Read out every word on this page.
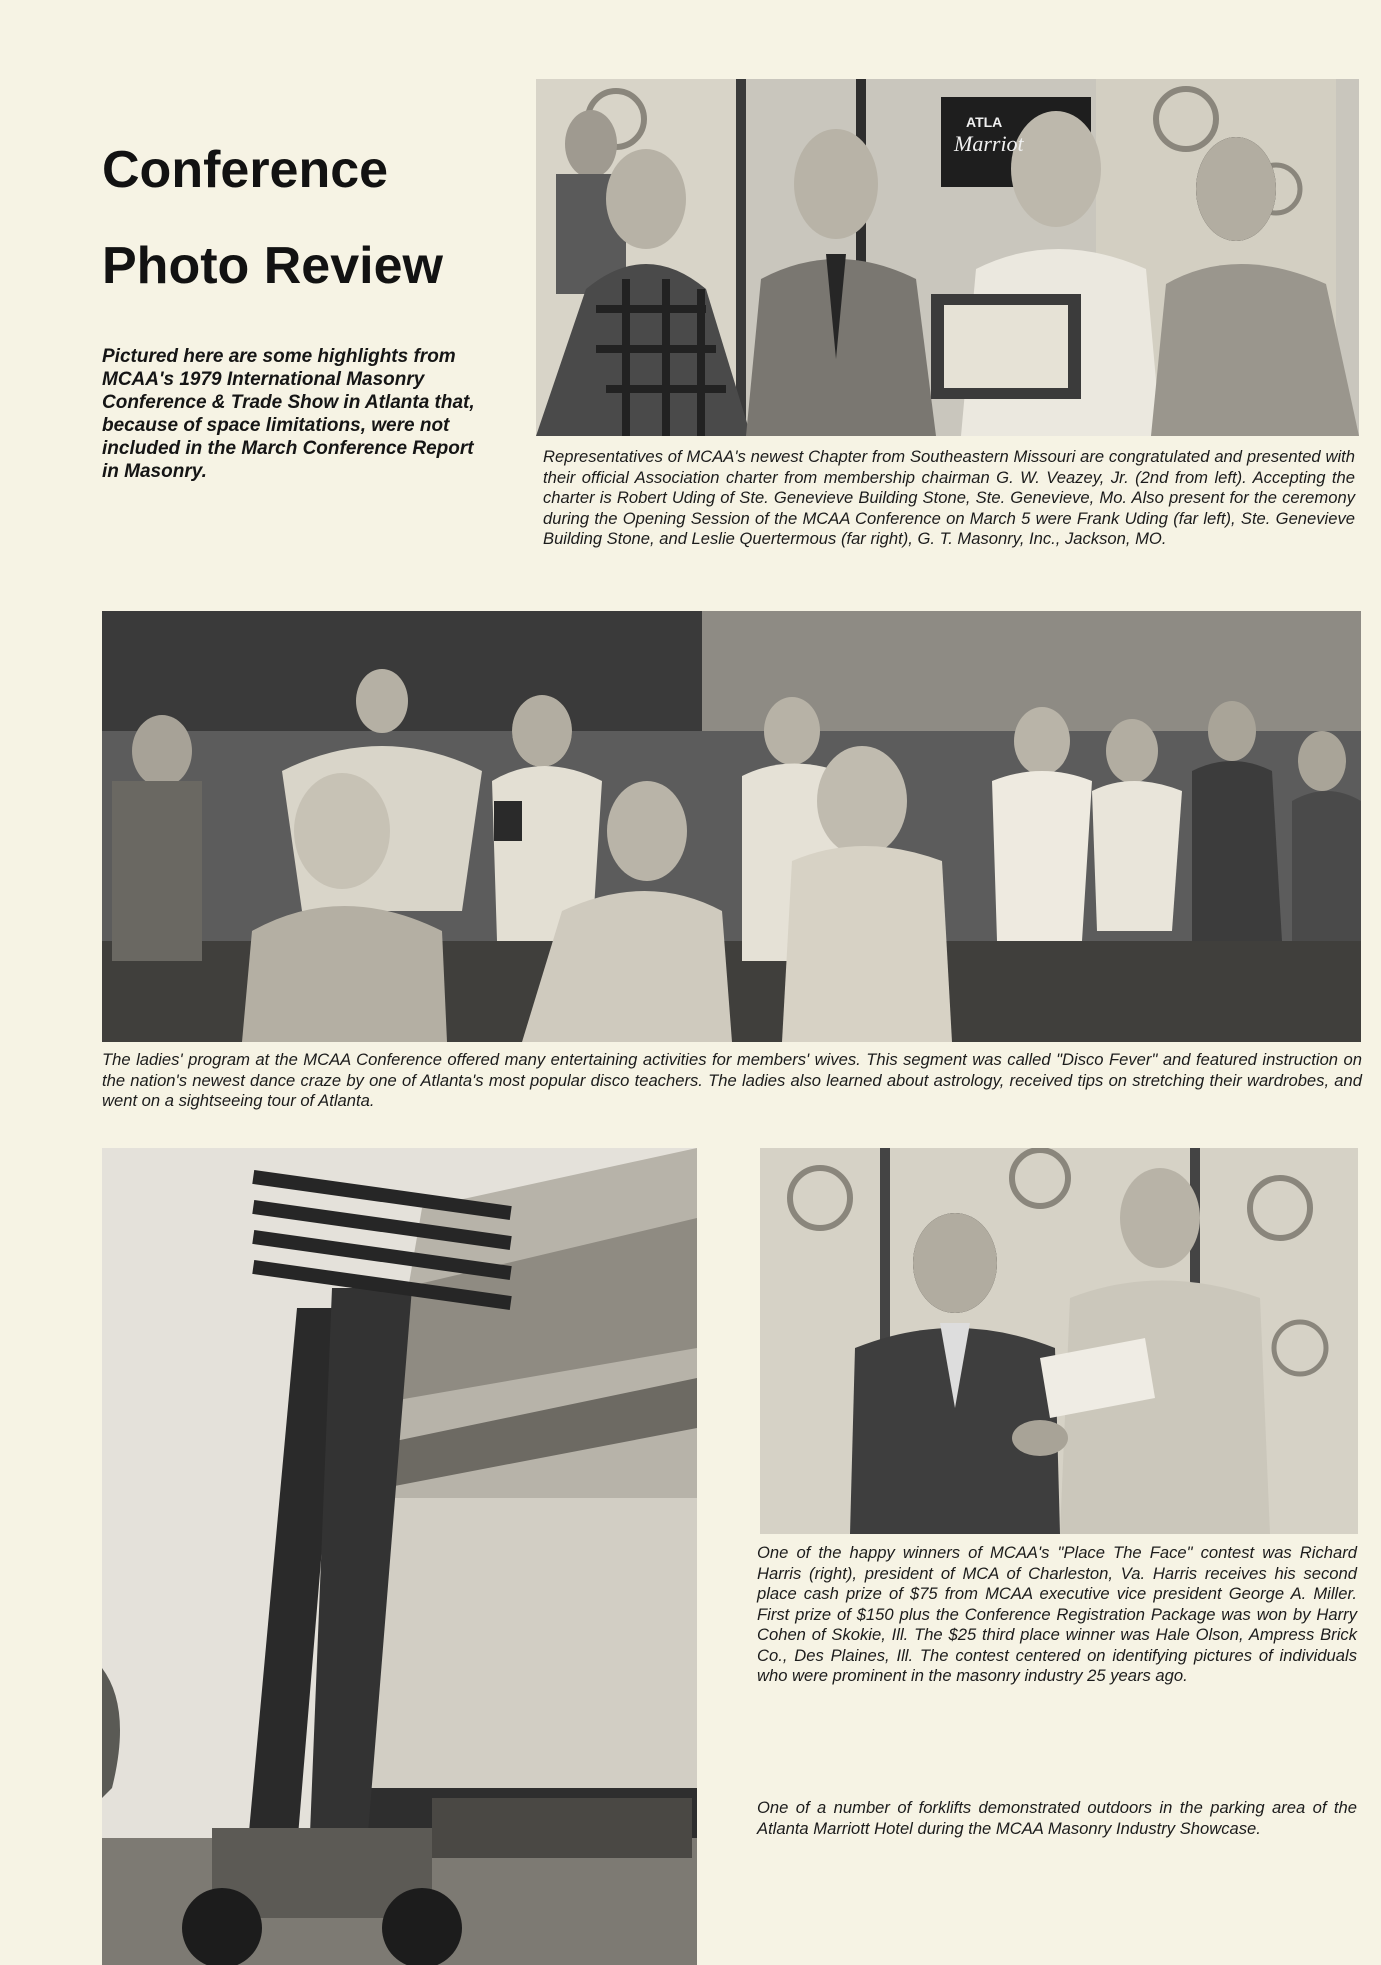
Conference
Photo Review

Pictured here are some highlights from MCAA's 1979 International Masonry Conference & Trade Show in Atlanta that, because of space limitations, were not included in the March Conference Report in Masonry.

ATLA
Marriot

Representatives of MCAA's newest Chapter from Southeastern Missouri are congratulated and presented with their official Association charter from membership chairman G. W. Veazey, Jr. (2nd from left). Accepting the charter is Robert Uding of Ste. Genevieve Building Stone, Ste. Genevieve, Mo. Also present for the ceremony during the Opening Session of the MCAA Conference on March 5 were Frank Uding (far left), Ste. Genevieve Building Stone, and Leslie Quertermous (far right), G. T. Masonry, Inc., Jackson, MO.

The ladies' program at the MCAA Conference offered many entertaining activities for members' wives. This segment was called "Disco Fever" and featured instruction on the nation's newest dance craze by one of Atlanta's most popular disco teachers. The ladies also learned about astrology, received tips on stretching their wardrobes, and went on a sightseeing tour of Atlanta.

One of the happy winners of MCAA's "Place The Face" contest was Richard Harris (right), president of MCA of Charleston, Va. Harris receives his second place cash prize of $75 from MCAA executive vice president George A. Miller. First prize of $150 plus the Conference Registration Package was won by Harry Cohen of Skokie, Ill. The $25 third place winner was Hale Olson, Ampress Brick Co., Des Plaines, Ill. The contest centered on identifying pictures of individuals who were prominent in the masonry industry 25 years ago.

One of a number of forklifts demonstrated outdoors in the parking area of the Atlanta Marriott Hotel during the MCAA Masonry Industry Showcase.
